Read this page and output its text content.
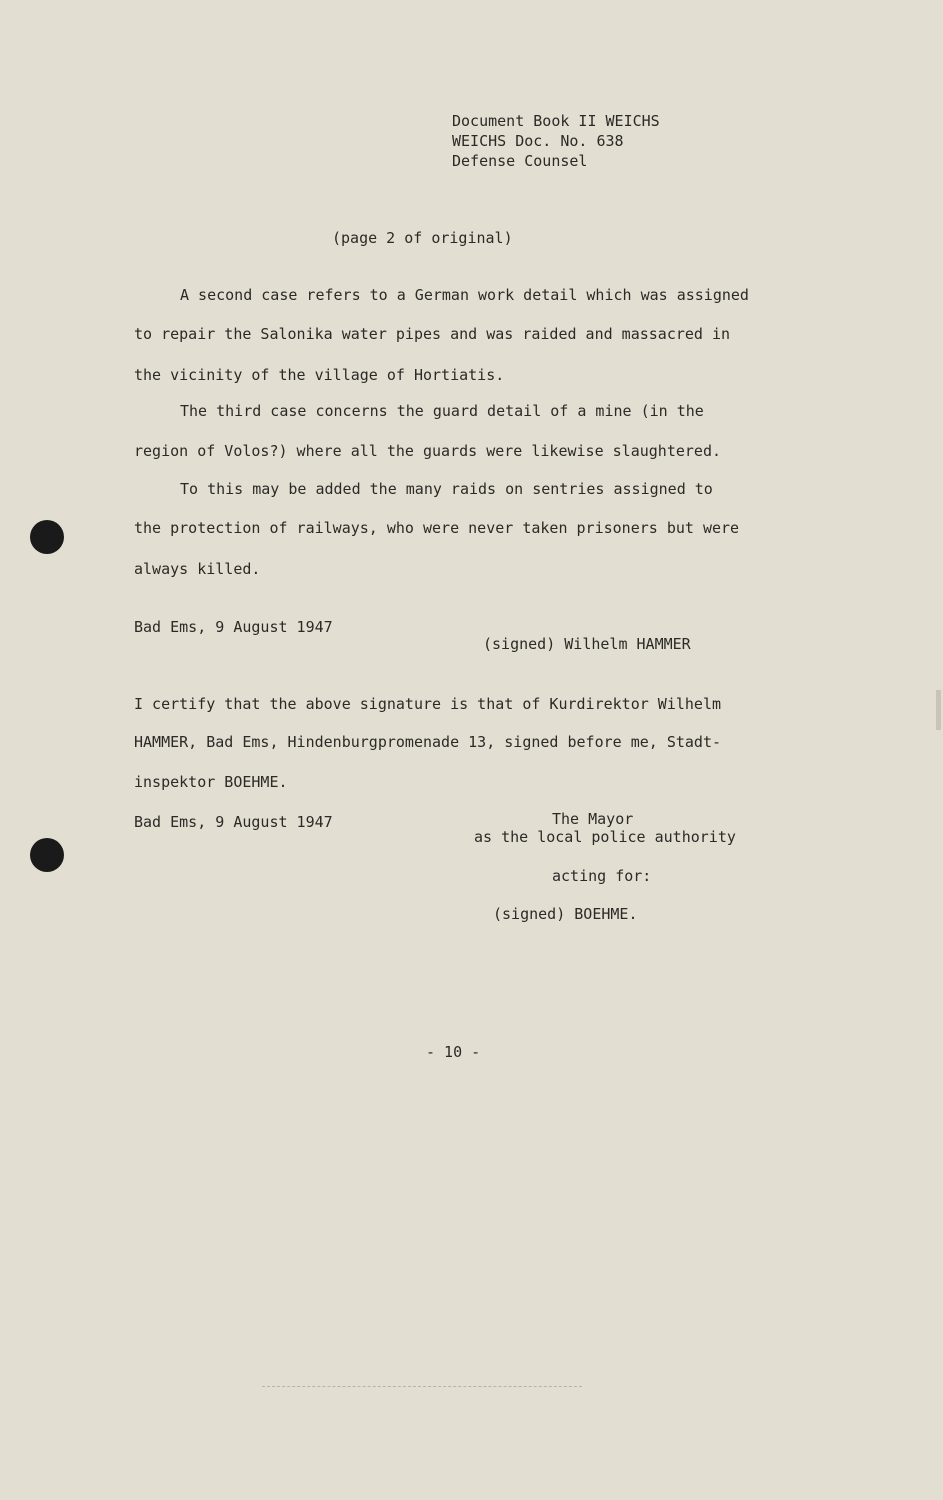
Document Book II WEICHS
WEICHS Doc. No. 638
Defense Counsel
(page 2 of original)
A second case refers to a German work detail which was assigned
to repair the Salonika water pipes and was raided and massacred in
the vicinity of the village of Hortiatis.
The third case concerns the guard detail of a mine (in the
region of Volos?) where all the guards were likewise slaughtered.
To this may be added the many raids on sentries assigned to
the protection of railways, who were never taken prisoners but were
always killed.
Bad Ems, 9 August 1947
(signed) Wilhelm HAMMER
I certify that the above signature is that of Kurdirektor Wilhelm
HAMMER, Bad Ems, Hindenburgpromenade 13, signed before me, Stadt-
inspektor BOEHME.
Bad Ems, 9 August 1947	The Mayor
as the local police authority
acting for:
(signed) BOEHME.
- 10 -
